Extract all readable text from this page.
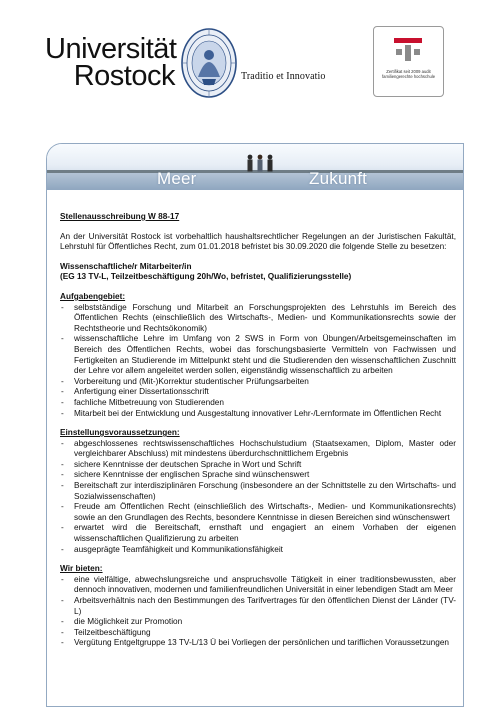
Universität
Rostock	Traditio et Innovatio	Zertifikat seit 2009 audit familiengerechte hochschule
Meer	Zukunft

Stellenausschreibung W 88-17

An der Universität Rostock ist vorbehaltlich haushaltsrechtlicher Regelungen an der Juristischen Fakultät, Lehrstuhl für Öffentliches Recht, zum 01.01.2018 befristet bis 30.09.2020 die folgende Stelle zu besetzen:

Wissenschaftliche/r Mitarbeiter/in

(EG 13 TV-L, Teilzeitbeschäftigung 20h/Wo, befristet, Qualifizierungsstelle)

Aufgabengebiet:

- selbstständige Forschung und Mitarbeit an Forschungsprojekten des Lehrstuhls im Bereich des Öffentlichen Rechts (einschließlich des Wirtschafts-, Medien- und Kommunikationsrechts sowie der Rechtstheorie und Rechtsökonomik)
- wissenschaftliche Lehre im Umfang von 2 SWS in Form von Übungen/Arbeitsgemeinschaften im Bereich des Öffentlichen Rechts, wobei das forschungsbasierte Vermitteln von Fachwissen und Fertigkeiten an Studierende im Mittelpunkt steht und die Studierenden den wissenschaftlichen Zuschnitt der Lehre vor allem angeleitet werden sollen, eigenständig wissenschaftlich zu arbeiten
- Vorbereitung und (Mit-)Korrektur studentischer Prüfungsarbeiten
- Anfertigung einer Dissertationsschrift
- fachliche Mitbetreuung von Studierenden
- Mitarbeit bei der Entwicklung und Ausgestaltung innovativer Lehr-/Lernformate im Öffentlichen Recht

Einstellungsvoraussetzungen:

- abgeschlossenes rechtswissenschaftliches Hochschulstudium (Staatsexamen, Diplom, Master oder vergleichbarer Abschluss) mit mindestens überdurchschnittlichem Ergebnis
- sichere Kenntnisse der deutschen Sprache in Wort und Schrift
- sichere Kenntnisse der englischen Sprache sind wünschenswert
- Bereitschaft zur interdisziplinären Forschung (insbesondere an der Schnittstelle zu den Wirtschafts- und Sozialwissenschaften)
- Freude am Öffentlichen Recht (einschließlich des Wirtschafts-, Medien- und Kommunikationsrechts) sowie an den Grundlagen des Rechts, besondere Kenntnisse in diesen Bereichen sind wünschenswert
- erwartet wird die Bereitschaft, ernsthaft und engagiert an einem Vorhaben der eigenen wissenschaftlichen Qualifizierung zu arbeiten
- ausgeprägte Teamfähigkeit und Kommunikationsfähigkeit

Wir bieten:

- eine vielfältige, abwechslungsreiche und anspruchsvolle Tätigkeit in einer traditionsbewussten, aber dennoch innovativen, modernen und familienfreundlichen Universität in einer lebendigen Stadt am Meer
- Arbeitsverhältnis nach den Bestimmungen des Tarifvertrages für den öffentlichen Dienst der Länder (TV-L)
- die Möglichkeit zur Promotion
- Teilzeitbeschäftigung
- Vergütung Entgeltgruppe 13 TV-L/13 Ü bei Vorliegen der persönlichen und tariflichen Voraussetzungen
